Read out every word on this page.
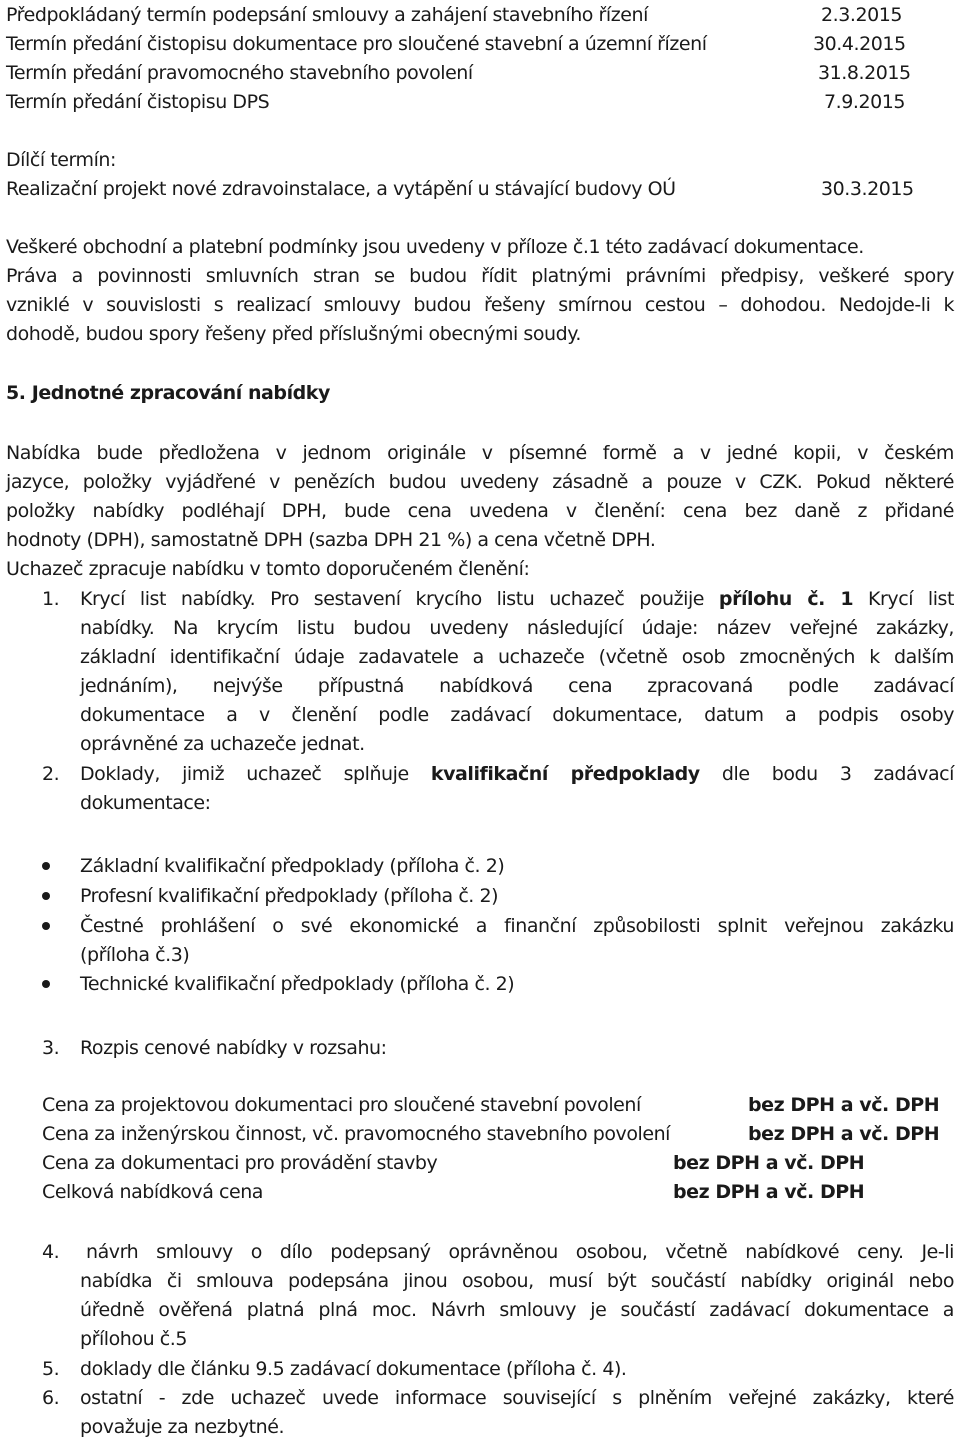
Předpokládaný termín podepsání smlouvy a zahájení stavebního řízení	2.3.2015
Termín předání čistopisu dokumentace pro sloučené stavební a územní řízení	30.4.2015
Termín předání pravomocného stavebního povolení	31.8.2015
Termín předání čistopisu DPS	7.9.2015
Dílčí termín:
Realizační projekt nové zdravoinstalace, a vytápění u stávající budovy OÚ	30.3.2015
Veškeré obchodní a platební podmínky jsou uvedeny v příloze č.1 této zadávací dokumentace.
Práva a povinnosti smluvních stran se budou řídit platnými právními předpisy, veškeré spory
vzniklé v souvislosti s realizací smlouvy budou řešeny smírnou cestou – dohodou. Nedojde-li k
dohodě, budou spory řešeny před příslušnými obecnými soudy.
5. Jednotné zpracování nabídky
Nabídka bude předložena v jednom originále v písemné formě a v jedné kopii, v českém
jazyce, položky vyjádřené v penězích budou uvedeny zásadně a pouze v CZK. Pokud některé
položky nabídky podléhají DPH, bude cena uvedena v členění: cena bez daně z přidané
hodnoty (DPH), samostatně DPH (sazba DPH 21 %) a cena včetně DPH.
Uchazeč zpracuje nabídku v tomto doporučeném členění:
1. Krycí list nabídky. Pro sestavení krycího listu uchazeč použije přílohu č. 1 Krycí list
nabídky. Na krycím listu budou uvedeny následující údaje: název veřejné zakázky,
základní identifikační údaje zadavatele a uchazeče (včetně osob zmocněných k dalším
jednáním), nejvýše přípustná nabídková cena zpracovaná podle zadávací
dokumentace a v členění podle zadávací dokumentace, datum a podpis osoby
oprávněné za uchazeče jednat.
2. Doklady, jimiž uchazeč splňuje kvalifikační předpoklady dle bodu 3 zadávací
dokumentace:
Základní kvalifikační předpoklady (příloha č. 2)
Profesní kvalifikační předpoklady (příloha č. 2)
Čestné prohlášení o své ekonomické a finanční způsobilosti splnit veřejnou zakázku
(příloha č.3)
Technické kvalifikační předpoklady (příloha č. 2)
3. Rozpis cenové nabídky v rozsahu:
Cena za projektovou dokumentaci pro sloučené stavební povolení	bez DPH a vč. DPH
Cena za inženýrskou činnost, vč. pravomocného stavebního povolení	bez DPH a vč. DPH
Cena za dokumentaci pro provádění stavby	bez DPH a vč. DPH
Celková nabídková cena	bez DPH a vč. DPH
4. návrh smlouvy o dílo podepsaný oprávněnou osobou, včetně nabídkové ceny. Je-li
nabídka či smlouva podepsána jinou osobou, musí být součástí nabídky originál nebo
úředně ověřená platná plná moc. Návrh smlouvy je součástí zadávací dokumentace a
přílohou č.5
5. doklady dle článku 9.5 zadávací dokumentace (příloha č. 4).
6. ostatní - zde uchazeč uvede informace související s plněním veřejné zakázky, které
považuje za nezbytné.
